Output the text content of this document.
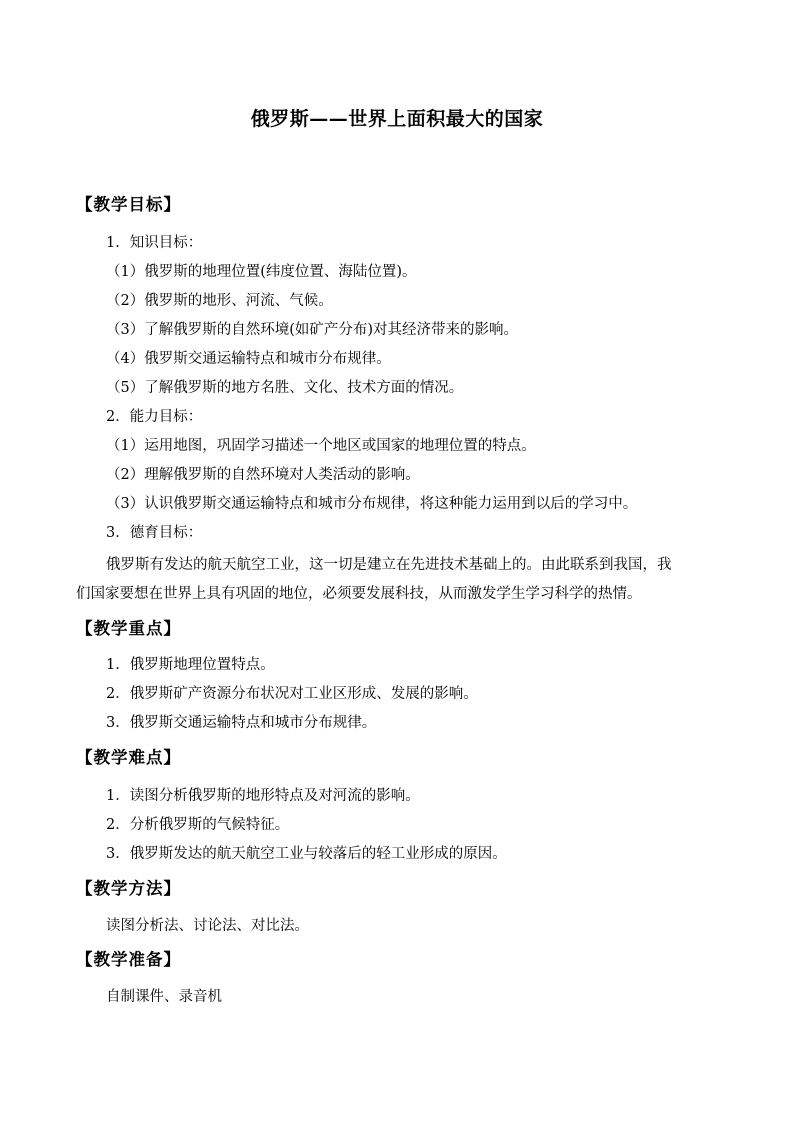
俄罗斯——世界上面积最大的国家
【教学目标】
1．知识目标：
（1）俄罗斯的地理位置(纬度位置、海陆位置)。
（2）俄罗斯的地形、河流、气候。
（3）了解俄罗斯的自然环境(如矿产分布)对其经济带来的影响。
（4）俄罗斯交通运输特点和城市分布规律。
（5）了解俄罗斯的地方名胜、文化、技术方面的情况。
2．能力目标：
（1）运用地图，巩固学习描述一个地区或国家的地理位置的特点。
（2）理解俄罗斯的自然环境对人类活动的影响。
（3）认识俄罗斯交通运输特点和城市分布规律，将这种能力运用到以后的学习中。
3．德育目标：
俄罗斯有发达的航天航空工业，这一切是建立在先进技术基础上的。由此联系到我国，我
们国家要想在世界上具有巩固的地位，必须要发展科技，从而激发学生学习科学的热情。
【教学重点】
1．俄罗斯地理位置特点。
2．俄罗斯矿产资源分布状况对工业区形成、发展的影响。
3．俄罗斯交通运输特点和城市分布规律。
【教学难点】
1．读图分析俄罗斯的地形特点及对河流的影响。
2．分析俄罗斯的气候特征。
3．俄罗斯发达的航天航空工业与较落后的轻工业形成的原因。
【教学方法】
读图分析法、讨论法、对比法。
【教学准备】
自制课件、录音机
